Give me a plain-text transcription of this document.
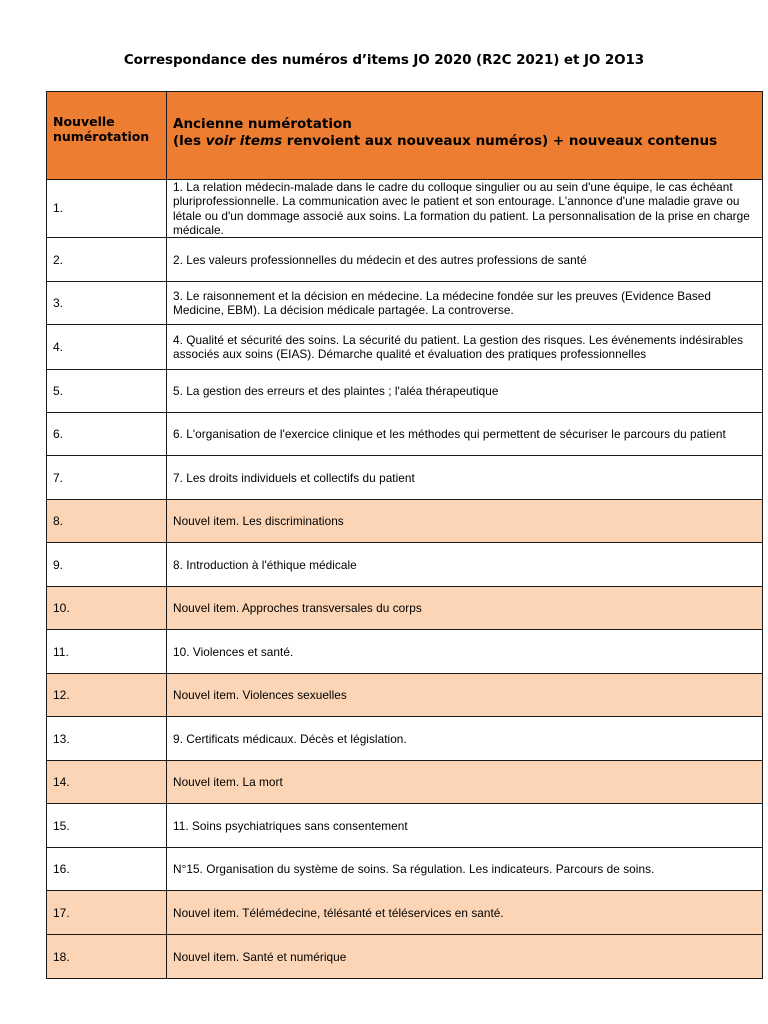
Correspondance des numéros d’items JO 2020 (R2C 2021) et JO 2O13
Nouvelle
numérotation	Ancienne numérotation
(les voir items renvoient aux nouveaux numéros) + nouveaux contenus

1.	1. La relation médecin-malade dans le cadre du colloque singulier ou au sein d'une équipe, le cas échéant pluriprofessionnelle. La communication avec le patient et son entourage. L'annonce d'une maladie grave ou létale ou d'un dommage associé aux soins. La formation du patient. La personnalisation de la prise en charge médicale.
2.	2. Les valeurs professionnelles du médecin et des autres professions de santé
3.	3. Le raisonnement et la décision en médecine. La médecine fondée sur les preuves (Evidence Based Medicine, EBM). La décision médicale partagée. La controverse.
4.	4. Qualité et sécurité des soins. La sécurité du patient. La gestion des risques. Les événements indésirables associés aux soins (EIAS). Démarche qualité et évaluation des pratiques professionnelles
5.	5. La gestion des erreurs et des plaintes ; l'aléa thérapeutique
6.	6. L'organisation de l'exercice clinique et les méthodes qui permettent de sécuriser le parcours du patient
7.	7. Les droits individuels et collectifs du patient
8.	Nouvel item. Les discriminations
9.	8. Introduction à l'éthique médicale
10.	Nouvel item. Approches transversales du corps
11.	10. Violences et santé.
12.	Nouvel item. Violences sexuelles
13.	9. Certificats médicaux. Décès et législation.
14.	Nouvel item. La mort
15.	11. Soins psychiatriques sans consentement
16.	N°15. Organisation du système de soins. Sa régulation. Les indicateurs. Parcours de soins.
17.	Nouvel item. Télémédecine, télésanté et téléservices en santé.
18.	Nouvel item. Santé et numérique
